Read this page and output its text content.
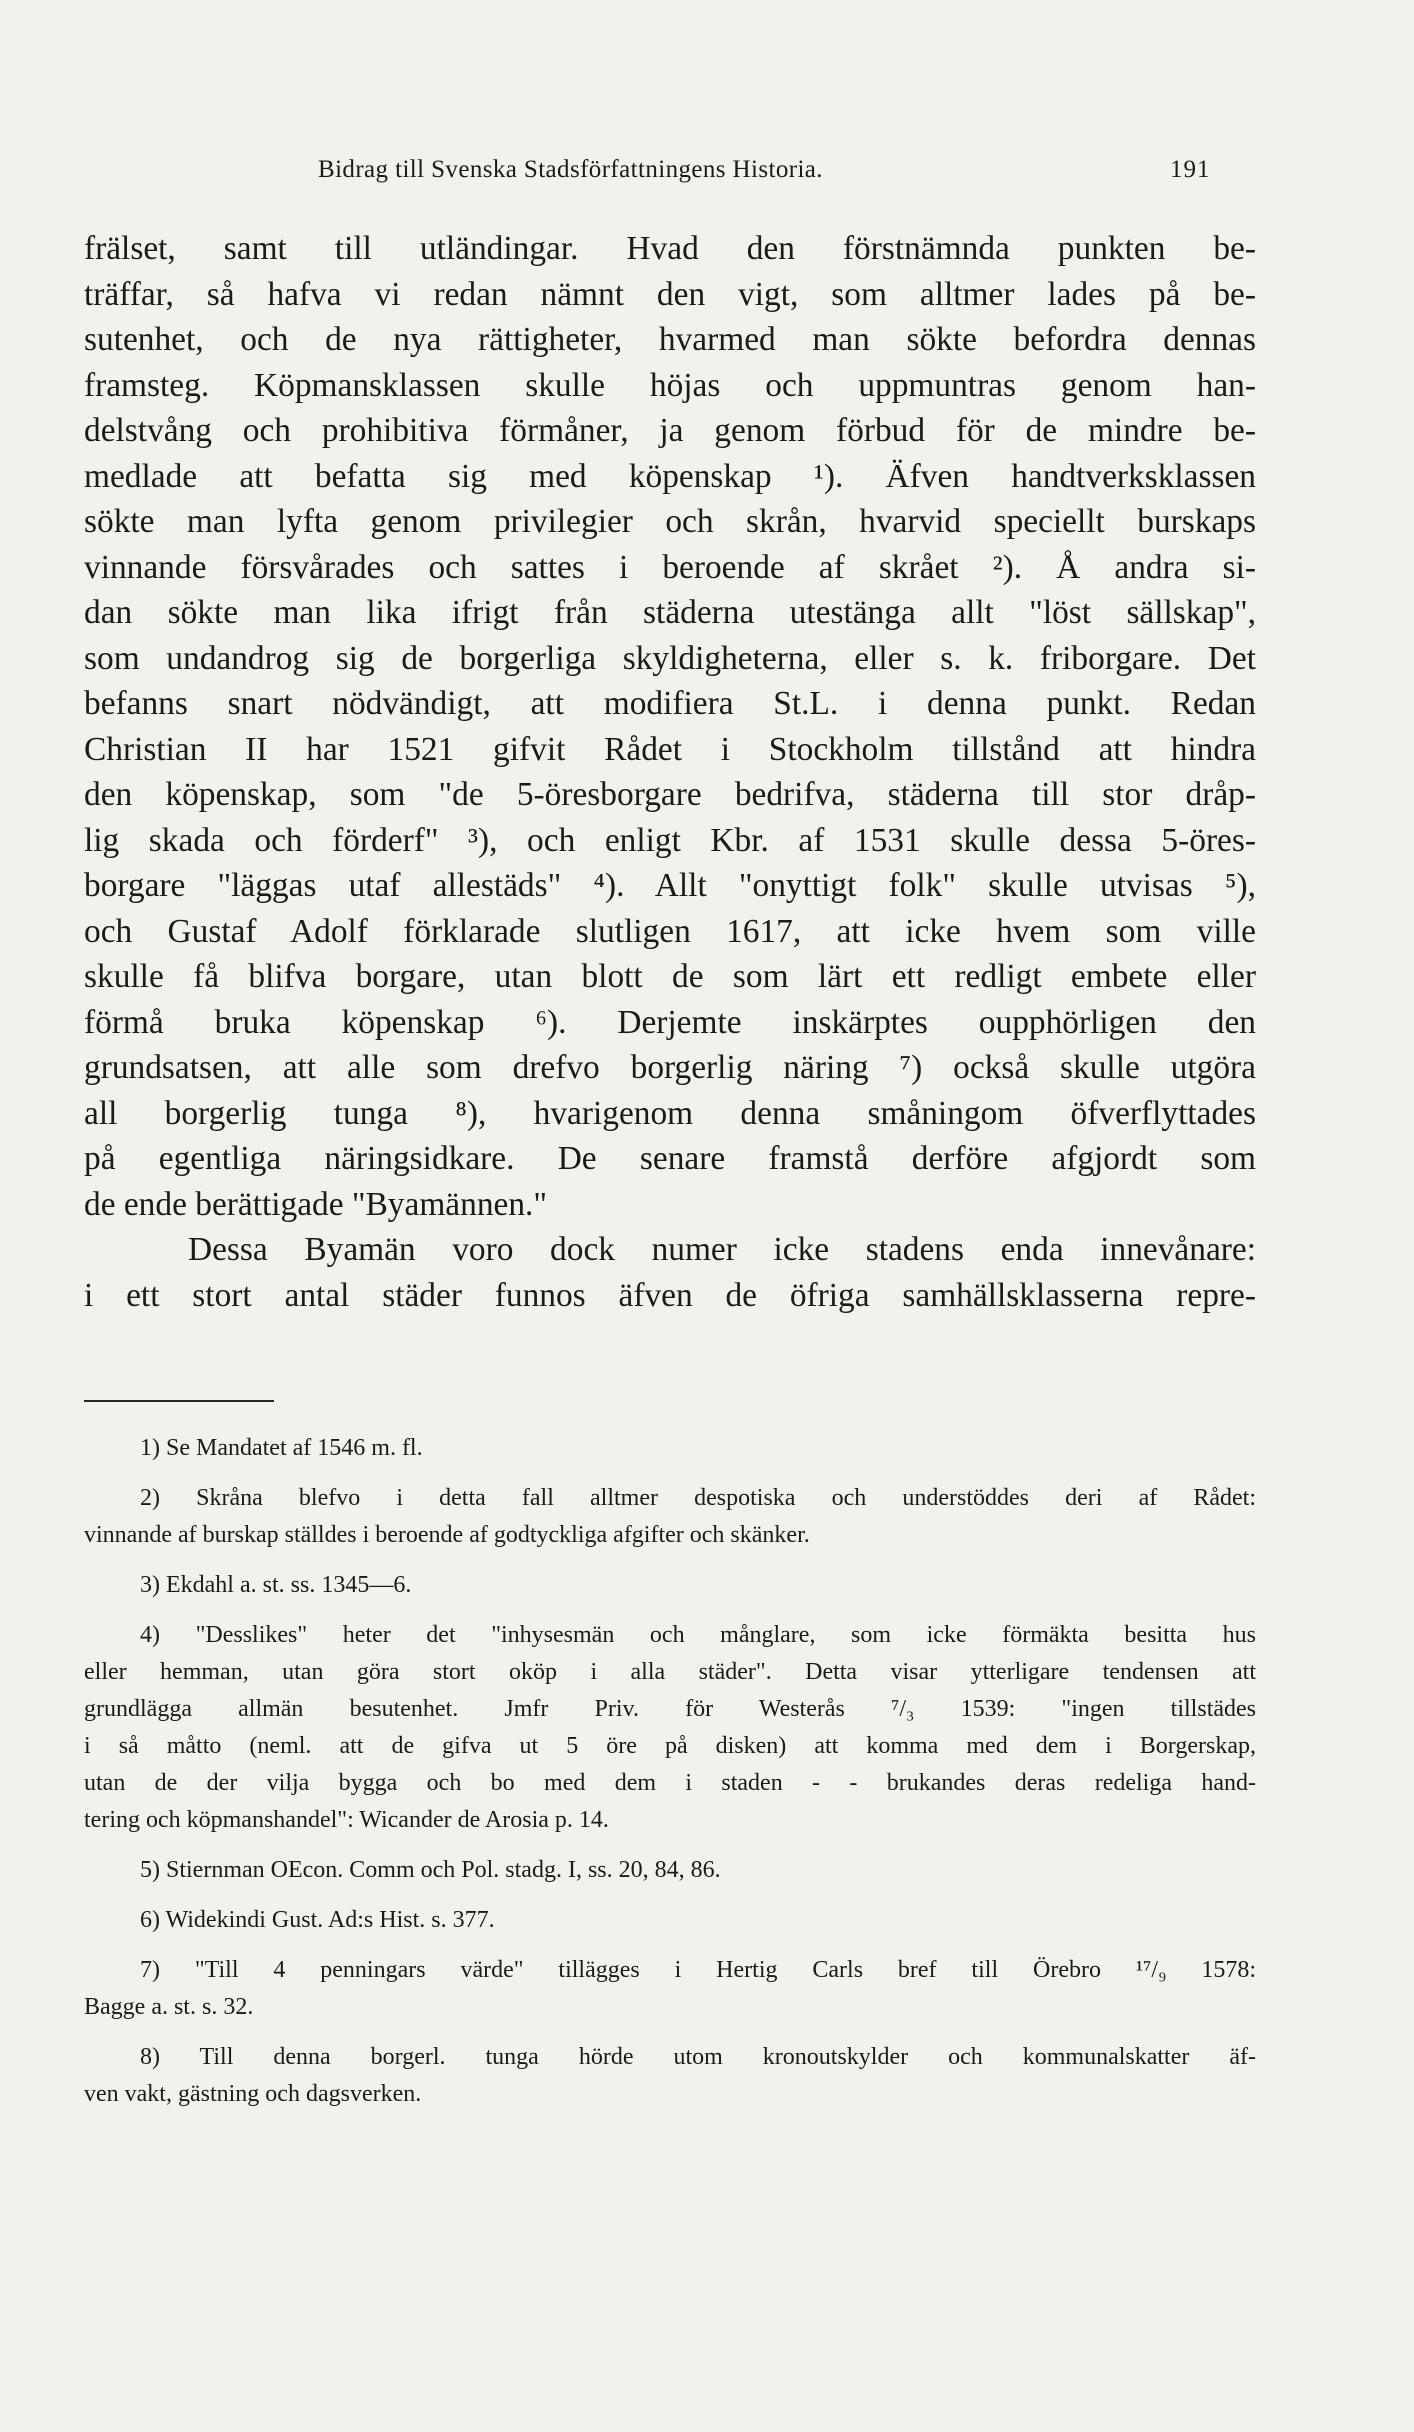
Bidrag till Svenska Stadsförfattningens Historia.	191
frälset, samt till utländingar. Hvad den förstnämnda punkten be-
träffar, så hafva vi redan nämnt den vigt, som alltmer lades på be-
sutenhet, och de nya rättigheter, hvarmed man sökte befordra dennas
framsteg. Köpmansklassen skulle höjas och uppmuntras genom han-
delstvång och prohibitiva förmåner, ja genom förbud för de mindre be-
medlade att befatta sig med köpenskap ¹). Äfven handtverksklassen
sökte man lyfta genom privilegier och skrån, hvarvid speciellt burskaps
vinnande försvårades och sattes i beroende af skrået ²). Å andra si-
dan sökte man lika ifrigt från städerna utestänga allt "löst sällskap",
som undandrog sig de borgerliga skyldigheterna, eller s. k. friborgare. Det
befanns snart nödvändigt, att modifiera St.L. i denna punkt. Redan
Christian II har 1521 gifvit Rådet i Stockholm tillstånd att hindra
den köpenskap, som "de 5-öresborgare bedrifva, städerna till stor dråp-
lig skada och förderf" ³), och enligt Kbr. af 1531 skulle dessa 5-öres-
borgare "läggas utaf allestäds" ⁴). Allt "onyttigt folk" skulle utvisas ⁵),
och Gustaf Adolf förklarade slutligen 1617, att icke hvem som ville
skulle få blifva borgare, utan blott de som lärt ett redligt embete eller
förmå bruka köpenskap ⁶). Derjemte inskärptes oupphörligen den
grundsatsen, att alle som drefvo borgerlig näring ⁷) också skulle utgöra
all borgerlig tunga ⁸), hvarigenom denna småningom öfverflyttades
på egentliga näringsidkare. De senare framstå derföre afgjordt som
de ende berättigade "Byamännen."
Dessa Byamän voro dock numer icke stadens enda innevånare:
i ett stort antal städer funnos äfven de öfriga samhällsklasserna repre-
1) Se Mandatet af 1546 m. fl.
2) Skråna blefvo i detta fall alltmer despotiska och understöddes deri af Rådet:
vinnande af burskap ställdes i beroende af godtyckliga afgifter och skänker.
3) Ekdahl a. st. ss. 1345—6.
4) "Desslikes" heter det "inhysesmän och månglare, som icke förmäkta besitta hus
eller hemman, utan göra stort oköp i alla städer". Detta visar ytterligare tendensen att
grundlägga allmän besutenhet. Jmfr Priv. för Westerås ⁷/₃ 1539: "ingen tillstädes
i så måtto (neml. att de gifva ut 5 öre på disken) att komma med dem i Borgerskap,
utan de der vilja bygga och bo med dem i staden - - brukandes deras redeliga hand-
tering och köpmanshandel": Wicander de Arosia p. 14.
5) Stiernman OEcon. Comm och Pol. stadg. I, ss. 20, 84, 86.
6) Widekindi Gust. Ad:s Hist. s. 377.
7) "Till 4 penningars värde" tillägges i Hertig Carls bref till Örebro ¹⁷/₉ 1578:
Bagge a. st. s. 32.
8) Till denna borgerl. tunga hörde utom kronoutskylder och kommunalskatter äf-
ven vakt, gästning och dagsverken.
